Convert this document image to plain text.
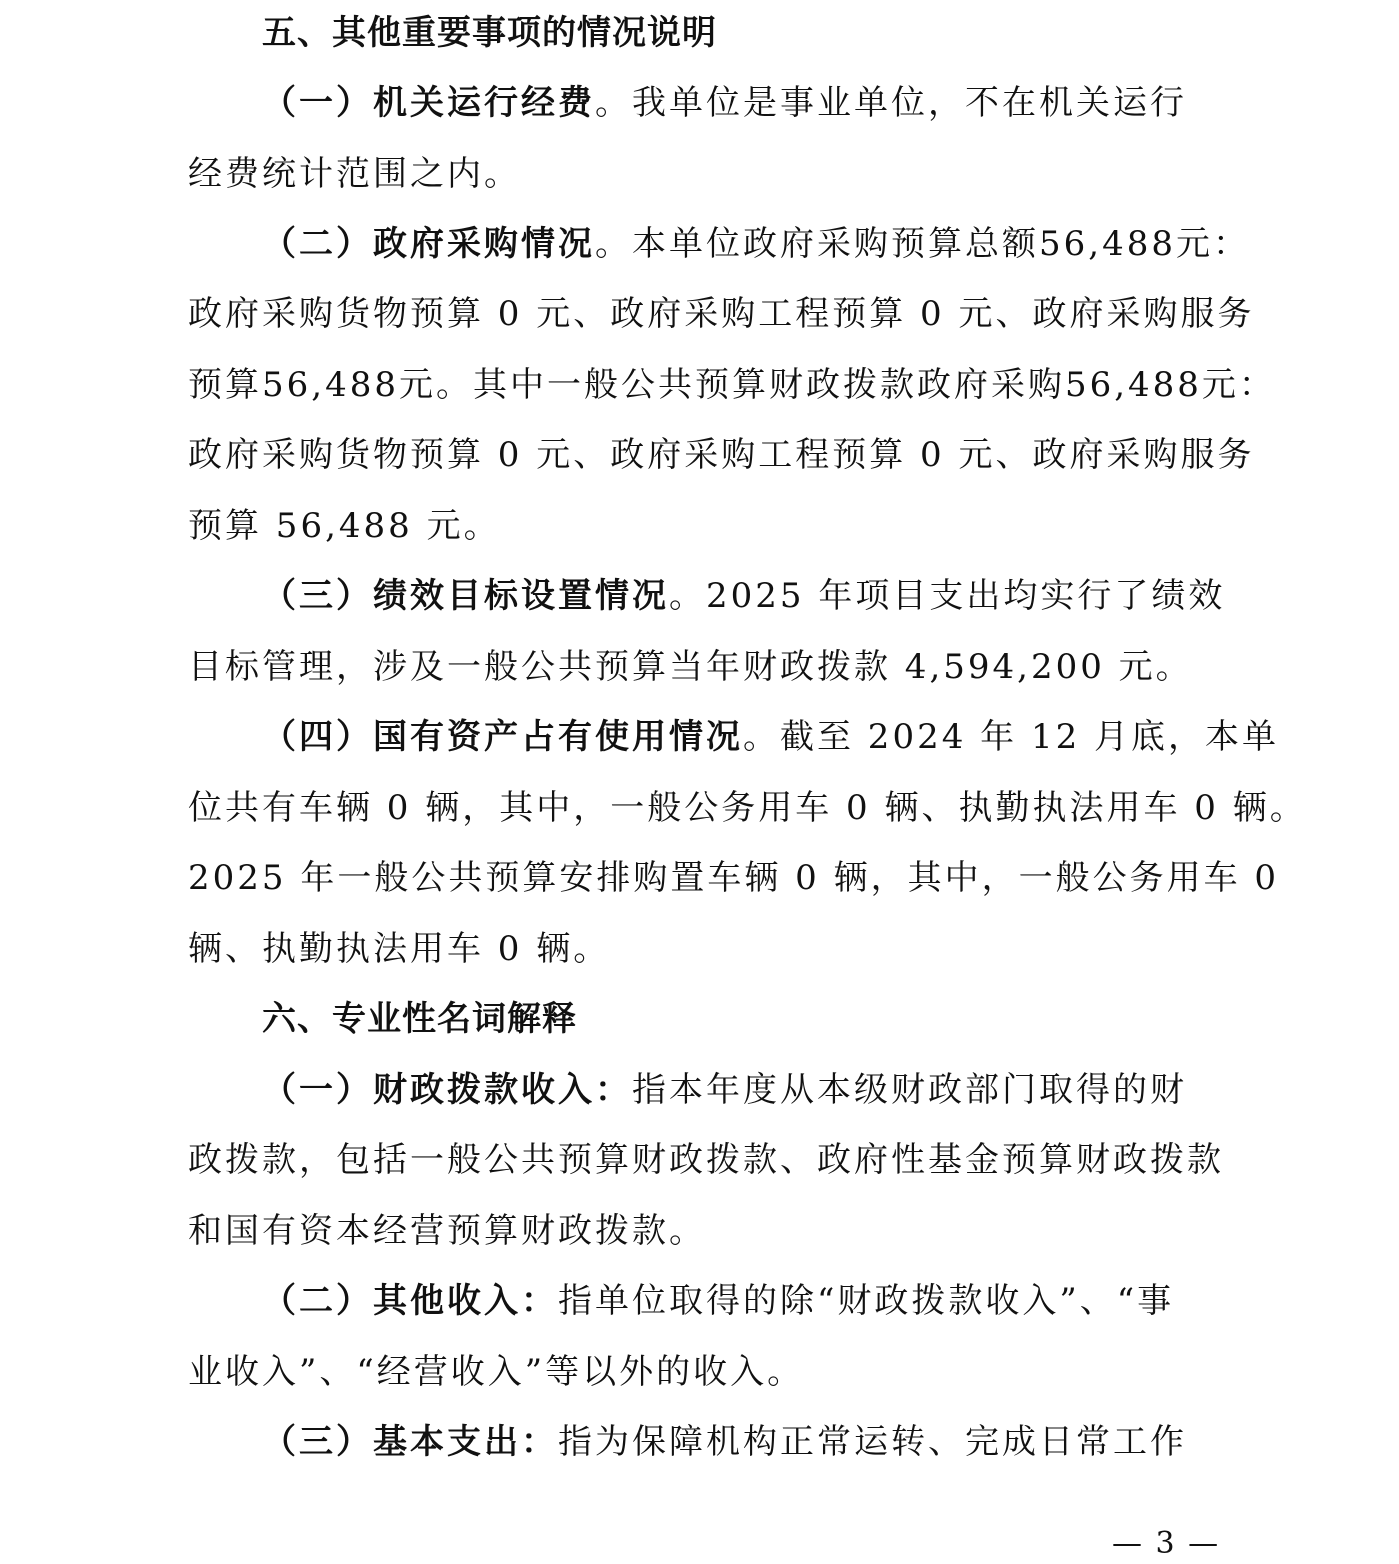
五、其他重要事项的情况说明
（一）机关运行经费。我单位是事业单位，不在机关运行
经费统计范围之内。
（二）政府采购情况。本单位政府采购预算总额56,488元：
政府采购货物预算 0 元、政府采购工程预算 0 元、政府采购服务
预算56,488元。其中一般公共预算财政拨款政府采购56,488元：
政府采购货物预算 0 元、政府采购工程预算 0 元、政府采购服务
预算 56,488 元。
（三）绩效目标设置情况。2025 年项目支出均实行了绩效
目标管理，涉及一般公共预算当年财政拨款 4,594,200 元。
（四）国有资产占有使用情况。截至 2024 年 12 月底，本单
位共有车辆 0 辆，其中，一般公务用车 0 辆、执勤执法用车 0 辆。
2025 年一般公共预算安排购置车辆 0 辆，其中，一般公务用车 0
辆、执勤执法用车 0 辆。
六、专业性名词解释
（一）财政拨款收入：指本年度从本级财政部门取得的财
政拨款，包括一般公共预算财政拨款、政府性基金预算财政拨款
和国有资本经营预算财政拨款。
（二）其他收入：指单位取得的除“财政拨款收入”、“事
业收入”、“经营收入”等以外的收入。
（三）基本支出：指为保障机构正常运转、完成日常工作
— 3 —
